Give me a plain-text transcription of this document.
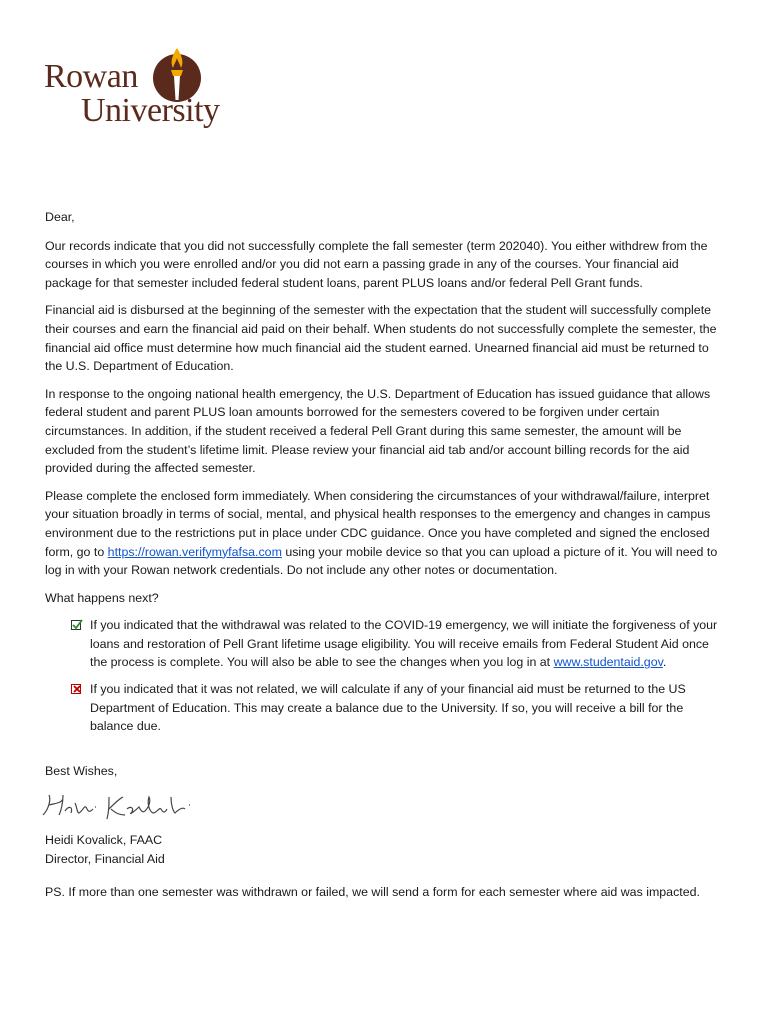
Rowan
University

Dear,

Our records indicate that you did not successfully complete the fall semester (term 202040). You either withdrew from the courses in which you were enrolled and/or you did not earn a passing grade in any of the courses. Your financial aid package for that semester included federal student loans, parent PLUS loans and/or federal Pell Grant funds.

Financial aid is disbursed at the beginning of the semester with the expectation that the student will successfully complete their courses and earn the financial aid paid on their behalf. When students do not successfully complete the semester, the financial aid office must determine how much financial aid the student earned. Unearned financial aid must be returned to the U.S. Department of Education.

In response to the ongoing national health emergency, the U.S. Department of Education has issued guidance that allows federal student and parent PLUS loan amounts borrowed for the semesters covered to be forgiven under certain circumstances. In addition, if the student received a federal Pell Grant during this same semester, the amount will be excluded from the student’s lifetime limit. Please review your financial aid tab and/or account billing records for the aid provided during the affected semester.

Please complete the enclosed form immediately. When considering the circumstances of your withdrawal/failure, interpret your situation broadly in terms of social, mental, and physical health responses to the emergency and changes in campus environment due to the restrictions put in place under CDC guidance. Once you have completed and signed the enclosed form, go to https://rowan.verifymyfafsa.com using your mobile device so that you can upload a picture of it. You will need to log in with your Rowan network credentials. Do not include any other notes or documentation.

What happens next?

If you indicated that the withdrawal was related to the COVID-19 emergency, we will initiate the forgiveness of your loans and restoration of Pell Grant lifetime usage eligibility. You will receive emails from Federal Student Aid once the process is complete. You will also be able to see the changes when you log in at www.studentaid.gov.
If you indicated that it was not related, we will calculate if any of your financial aid must be returned to the US Department of Education. This may create a balance due to the University. If so, you will receive a bill for the balance due.

Best Wishes,

Heidi Kovalick, FAAC

Director, Financial Aid

PS. If more than one semester was withdrawn or failed, we will send a form for each semester where aid was impacted.
